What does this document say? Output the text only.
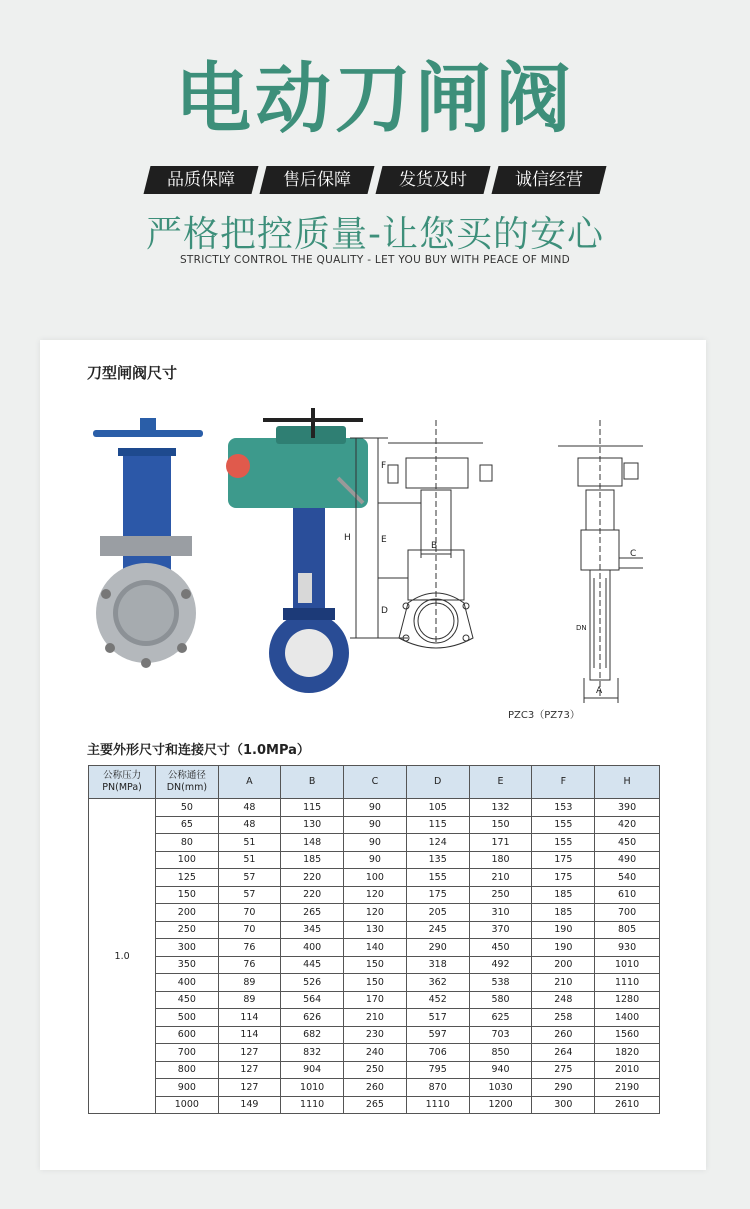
电动刀闸阀
品质保障	售后保障	发货及时	诚信经营
严格把控质量-让您买的安心
STRICTLY CONTROL THE QUALITY - LET YOU BUY WITH PEACE OF MIND
刀型闸阀尺寸
F
H	E
D
B
C
DN
A
PZC3（PZ73）
主要外形尺寸和连接尺寸（1.0MPa）
公称压力PN(MPa)	公称通径DN(mm)	A	B	C	D	E	F	H
1.0	50	48	115	90	105	132	153	390
	65	48	130	90	115	150	155	420
	80	51	148	90	124	171	155	450
	100	51	185	90	135	180	175	490
	125	57	220	100	155	210	175	540
	150	57	220	120	175	250	185	610
	200	70	265	120	205	310	185	700
	250	70	345	130	245	370	190	805
	300	76	400	140	290	450	190	930
	350	76	445	150	318	492	200	1010
	400	89	526	150	362	538	210	1110
	450	89	564	170	452	580	248	1280
	500	114	626	210	517	625	258	1400
	600	114	682	230	597	703	260	1560
	700	127	832	240	706	850	264	1820
	800	127	904	250	795	940	275	2010
	900	127	1010	260	870	1030	290	2190
	1000	149	1110	265	1110	1200	300	2610
